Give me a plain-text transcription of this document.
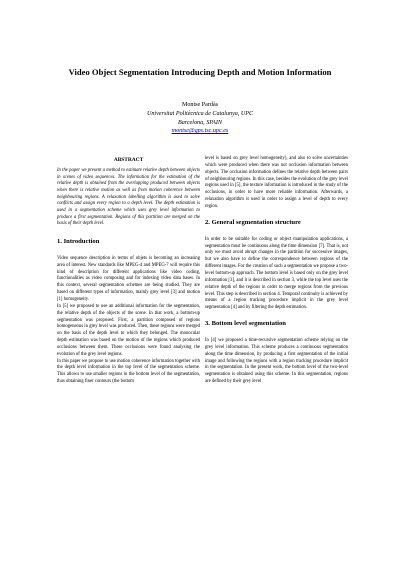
Video Object Segmentation Introducing Depth and Motion Information
Montse Pardàs
Universitat Politècnica de Catalunya, UPC
Barcelona, SPAIN
montse@gps.tsc.upc.es

ABSTRACT

In the paper we present a method to estimate relative depth between objects in scenes of video sequences. The information for the estimation of the relative depth is obtained from the overlapping produced between objects when there is relative motion as well as from motion coherence between neighbouring regions. A relaxation labelling algorithm is used to solve conflicts and assign every region to a depth level. The depth estimation is used in a segmentation scheme which uses grey level information to produce a first segmentation. Regions of this partition are merged on the basis of their depth level.

1. Introduction

Video sequence description in terms of objets is becoming an increasing area of interest. New standards like MPEG-4 and MPEG-7 will require this kind of description for different applications like video coding, functionalities as video composing and for indexing video data bases. In this context, several segmentation schemes are being studied. They are based on different types of information, mainly grey level [3] and motion [1] homogeneity.

In [5] we proposed to use an additional information for the segmentation, the relative depth of the objects of the scene. In that work, a bottom-up segmentation was proposed. First, a partition composed of regions homogeneous in grey level was produced. Then, these regions were merged on the basis of the depth level to which they belonged. The monocular depth estimation was based on the motion of the regions which produced occlusions between them. These occlusions were found analysing the evolution of the grey level regions.

In this paper we propose to use motion coherence information together with the depth level information in the top level of the segmentation scheme. This allows to use smaller regions in the bottom level of the segmentation, thus obtaining finer contours (the bottom

level is based on grey level homogeneity), and also to solve uncertainties which were produced when there was not occlusion information between objects. The occlusion information defines the relative depth between pairs of neighbouring regions. In this case, besides the evolution of the grey level regions used in [5], the texture information is introduced in the study of the occlusions, in order to have more reliable information. Afterwards, a relaxation algorithm is used in order to assign a level of depth to every region.

2. General segmentation structure

In order to be suitable for coding or object manipulation applications, a segmentation must be continuous along the time dimension [7]. That is, not only we must avoid abrupt changes in the partition for successive images, but we also have to define the correspondence between regions of the different images. For the creation of such a segmentation we propose a two-level bottom-up approach. The bottom level is based only on the grey level information [3], and it is described in section 3, while the top level uses the relative depth of the regions in order to merge regions from the previous level. This step is described in section 4. Temporal continuity is achieved by means of a region tracking procedure implicit in the grey level segmentation [4] and by filtering the depth estimation.

3. Bottom level segmentation

In [4] we proposed a time-recursive segmentation scheme relying on the grey level information. This scheme produces a continuous segmentation along the time dimension, by producing a first segmentation of the initial image and following the regions with a region tracking procedure implicit in the segmentation. In the present work, the bottom level of the two-level segmentation is obtained using this scheme. In this segmentation, regions are defined by their grey level
